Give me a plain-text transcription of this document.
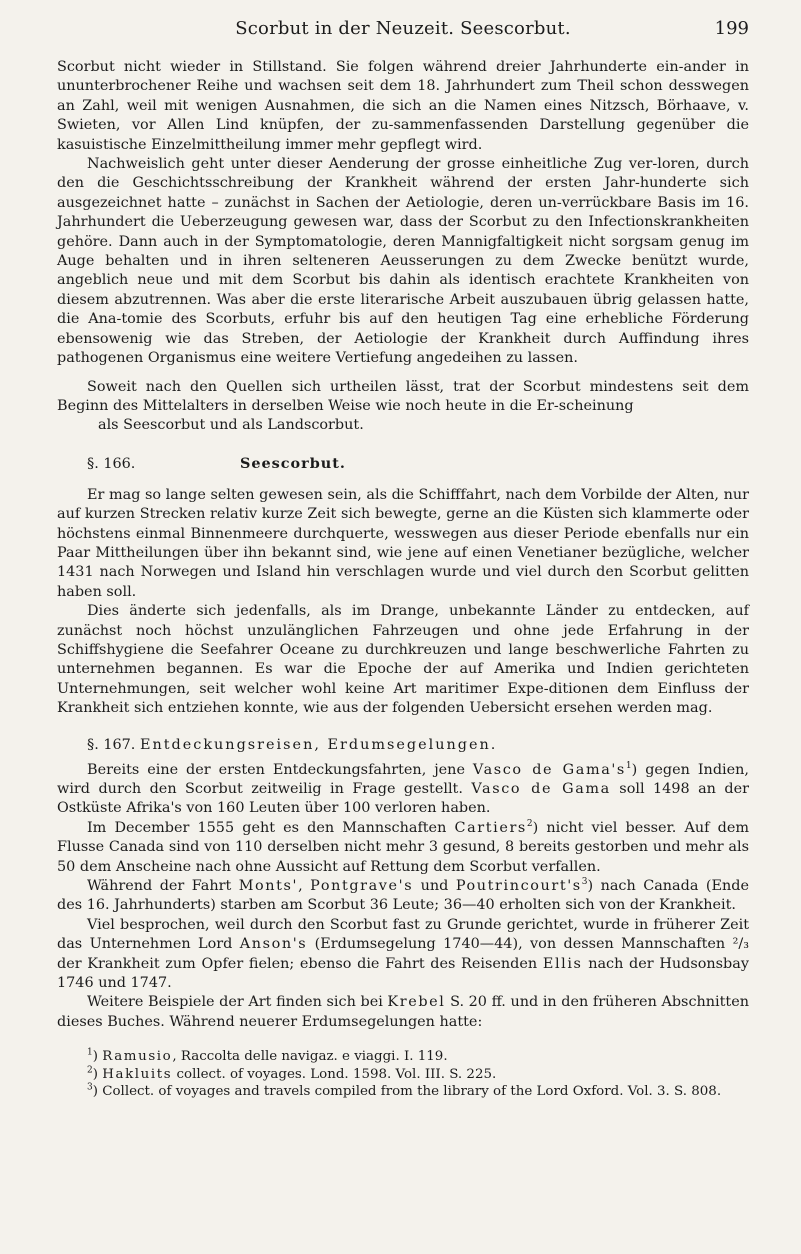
Scorbut in der Neuzeit. Seescorbut.	199

Scorbut nicht wieder in Stillstand. Sie folgen während dreier Jahrhunderte ein-ander in ununterbrochener Reihe und wachsen seit dem 18. Jahrhundert zum Theil schon desswegen an Zahl, weil mit wenigen Ausnahmen, die sich an die Namen eines Nitzsch, Börhaave, v. Swieten, vor Allen Lind knüpfen, der zu-sammenfassenden Darstellung gegenüber die kasuistische Einzelmittheilung immer mehr gepflegt wird.

Nachweislich geht unter dieser Aenderung der grosse einheitliche Zug ver-loren, durch den die Geschichtsschreibung der Krankheit während der ersten Jahr-hunderte sich ausgezeichnet hatte – zunächst in Sachen der Aetiologie, deren un-verrückbare Basis im 16. Jahrhundert die Ueberzeugung gewesen war, dass der Scorbut zu den Infectionskrankheiten gehöre. Dann auch in der Symptomatologie, deren Mannigfaltigkeit nicht sorgsam genug im Auge behalten und in ihren selteneren Aeusserungen zu dem Zwecke benützt wurde, angeblich neue und mit dem Scorbut bis dahin als identisch erachtete Krankheiten von diesem abzutrennen. Was aber die erste literarische Arbeit auszubauen übrig gelassen hatte, die Ana-tomie des Scorbuts, erfuhr bis auf den heutigen Tag eine erhebliche Förderung ebensowenig wie das Streben, der Aetiologie der Krankheit durch Auffindung ihres pathogenen Organismus eine weitere Vertiefung angedeihen zu lassen.

Soweit nach den Quellen sich urtheilen lässt, trat der Scorbut mindestens seit dem Beginn des Mittelalters in derselben Weise wie noch heute in die Er-scheinung

als Seescorbut und als Landscorbut.

§. 166.	Seescorbut.

Er mag so lange selten gewesen sein, als die Schifffahrt, nach dem Vorbilde der Alten, nur auf kurzen Strecken relativ kurze Zeit sich bewegte, gerne an die Küsten sich klammerte oder höchstens einmal Binnenmeere durchquerte, wesswegen aus dieser Periode ebenfalls nur ein Paar Mittheilungen über ihn bekannt sind, wie jene auf einen Venetianer bezügliche, welcher 1431 nach Norwegen und Island hin verschlagen wurde und viel durch den Scorbut gelitten haben soll.

Dies änderte sich jedenfalls, als im Drange, unbekannte Länder zu entdecken, auf zunächst noch höchst unzulänglichen Fahrzeugen und ohne jede Erfahrung in der Schiffshygiene die Seefahrer Oceane zu durchkreuzen und lange beschwerliche Fahrten zu unternehmen begannen. Es war die Epoche der auf Amerika und Indien gerichteten Unternehmungen, seit welcher wohl keine Art maritimer Expe-ditionen dem Einfluss der Krankheit sich entziehen konnte, wie aus der folgenden Uebersicht ersehen werden mag.

§. 167. Entdeckungsreisen, Erdumsegelungen.

Bereits eine der ersten Entdeckungsfahrten, jene Vasco de $Gama's^1$) gegen Indien, wird durch den Scorbut zeitweilig in Frage gestellt. Vasco de Gama soll 1498 an der Ostküste Afrika's von 160 Leuten über 100 verloren haben.

Im December 1555 geht es den Mannschaften Cartiers$^2$) nicht viel besser. Auf dem Flusse Canada sind von 110 derselben nicht mehr 3 gesund, 8 bereits gestorben und mehr als 50 dem Anscheine nach ohne Aussicht auf Rettung dem Scorbut verfallen.

Während der Fahrt Monts', Pontgrave's und $Poutrincourt's^3$) nach Canada (Ende des 16. Jahrhunderts) starben am Scorbut 36 Leute; 36—40 erholten sich von der Krankheit.

Viel besprochen, weil durch den Scorbut fast zu Grunde gerichtet, wurde in früherer Zeit das Unternehmen Lord Anson's (Erdumsegelung 1740—44), von dessen Mannschaften ²/₃ der Krankheit zum Opfer fielen; ebenso die Fahrt des Reisenden Ellis nach der Hudsonsbay 1746 und 1747.

Weitere Beispiele der Art finden sich bei Krebel S. 20 ff. und in den früheren Abschnitten dieses Buches. Während neuerer Erdumsegelungen hatte:

$^1$) Ramusio, Raccolta delle navigaz. e viaggi. I. 119.

$^2$) Hakluits collect. of voyages. Lond. 1598. Vol. III. S. 225.

$^3$) Collect. of voyages and travels compiled from the library of the Lord Oxford. Vol. 3. S. 808.
